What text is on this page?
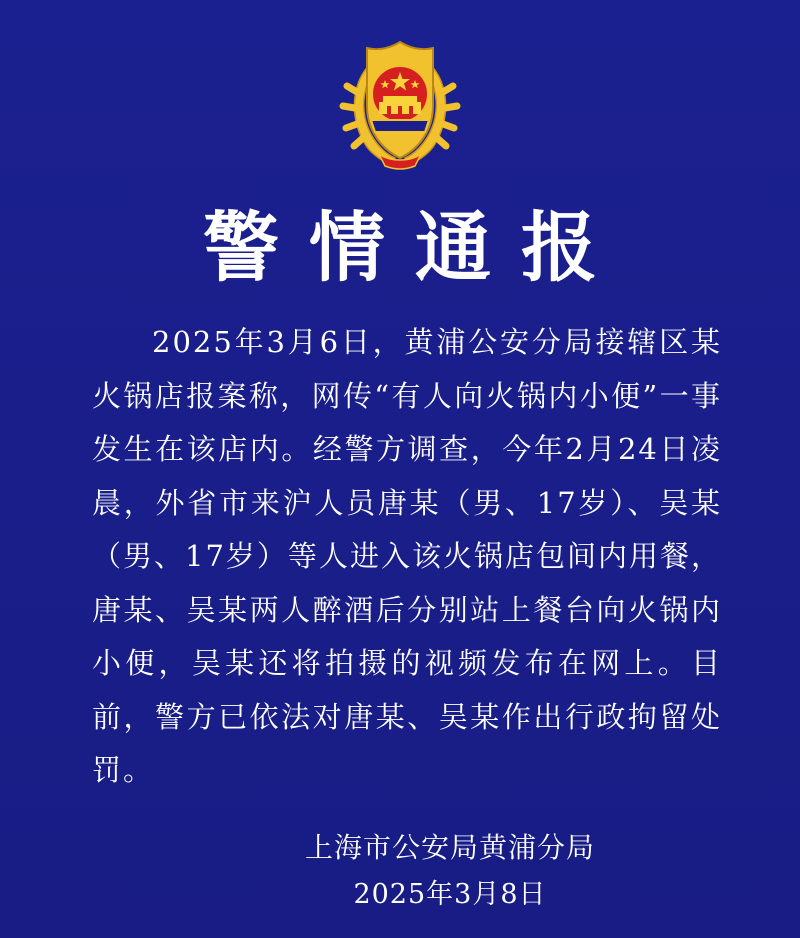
警情通报
2025年3月6日，黄浦公安分局接辖区某火锅店报案称，网传“有人向火锅内小便”一事发生在该店内。经警方调查，今年2月24日凌晨，外省市来沪人员唐某（男、17岁）、吴某（男、17岁）等人进入该火锅店包间内用餐，唐某、吴某两人醉酒后分别站上餐台向火锅内小便，吴某还将拍摄的视频发布在网上。目前，警方已依法对唐某、吴某作出行政拘留处罚。
上海市公安局黄浦分局
2025年3月8日
